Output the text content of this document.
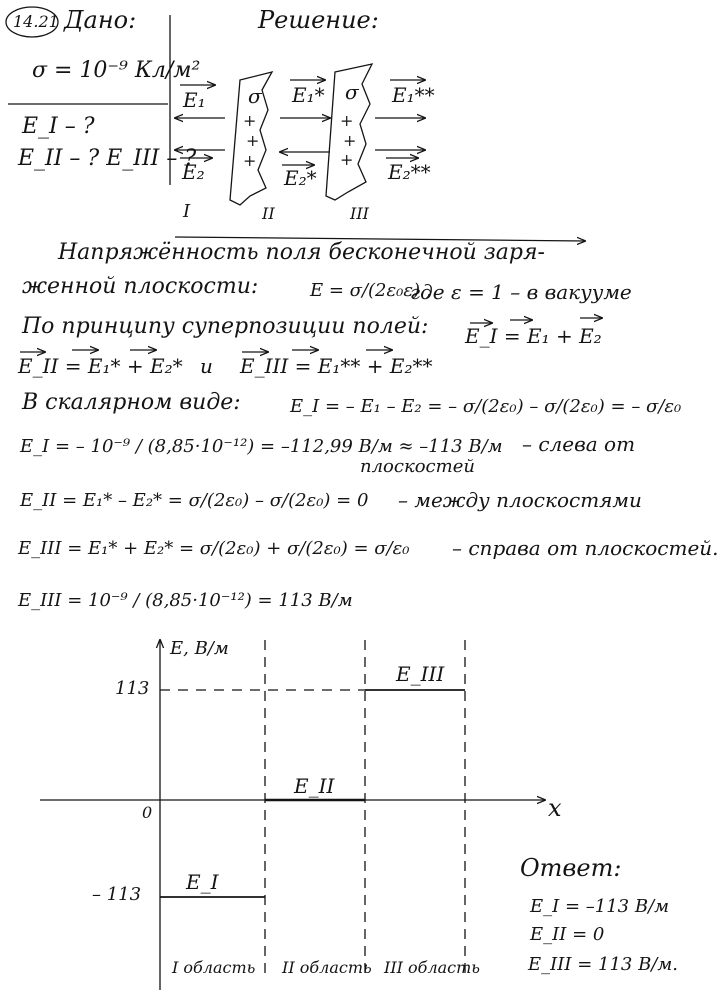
14.21 Дано:	Решение:
σ = 10⁻⁹ Кл/м²
E_I – ?
E_II – ? E_III – ?
E₁	E₁*	E₁**
E₂	E₂*	E₂**
σ	σ
+
+
+
+
+
+
I	II	III
Напряжённость поля бесконечной заря-
женной плоскости:	E = σ/(2ε₀ε) ,
где ε = 1 – в вакууме
По принципу суперпозиции полей: E_I = E₁ + E₂
E_II = E₁* + E₂* и E_III = E₁** + E₂**
В скалярном виде:	E_I = – E₁ – E₂ = – σ/(2ε₀) – σ/(2ε₀) = – σ/ε₀
E_I = – 10⁻⁹ / (8,85·10⁻¹²) = –112,99 В/м ≈ –113 В/м – слева от
плоскостей
E_II = E₁* – E₂* = σ/(2ε₀) – σ/(2ε₀) = 0 – между плоскостями
E_III = E₁* + E₂* = σ/(2ε₀) + σ/(2ε₀) = σ/ε₀ – справа от плоскостей.
E_III = 10⁻⁹ / (8,85·10⁻¹²) = 113 В/м
E, В/м
x
0
113
– 113
E_I
E_II
E_III
I область II область III область
Ответ:
E_I = –113 В/м
E_II = 0
E_III = 113 В/м.
